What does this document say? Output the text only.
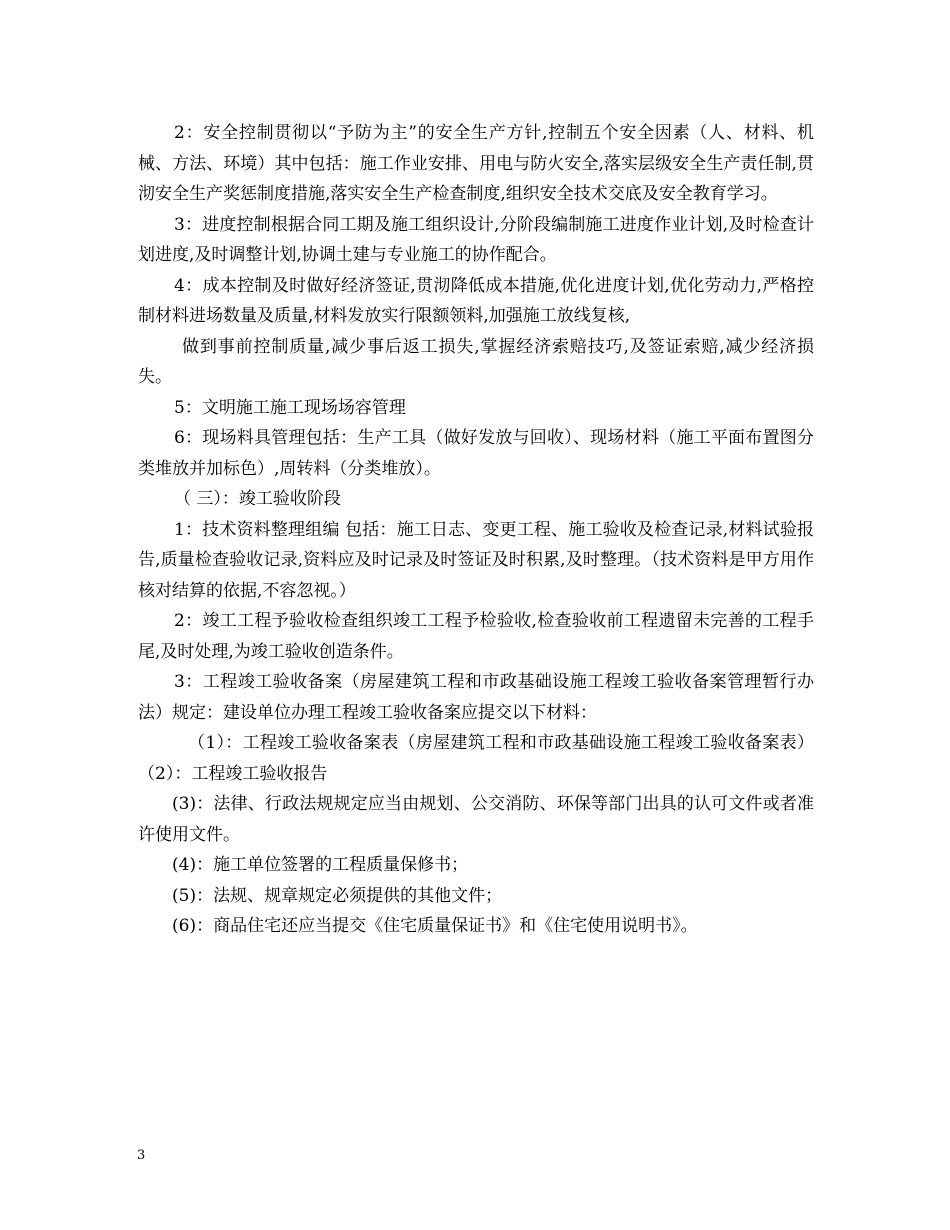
2：安全控制贯彻以“予防为主”的安全生产方针,控制五个安全因素（人、材料、机械、方法、环境）其中包括：施工作业安排、用电与防火安全,落实层级安全生产责任制,贯沏安全生产奖惩制度措施,落实安全生产检查制度,组织安全技术交底及安全教育学习。

3：进度控制根据合同工期及施工组织设计,分阶段编制施工进度作业计划,及时检查计划进度,及时调整计划,协调土建与专业施工的协作配合。

4：成本控制及时做好经济签证,贯沏降低成本措施,优化进度计划,优化劳动力,严格控制材料进场数量及质量,材料发放实行限额领料,加强施工放线复核,

做到事前控制质量,减少事后返工损失,掌握经济索赔技巧,及签证索赔,减少经济损失。

5：文明施工施工现场场容管理

6：现场料具管理包括：生产工具（做好发放与回收）、现场材料（施工平面布置图分类堆放并加标色）,周转料（分类堆放）。

（ 三）：竣工验收阶段

1：技术资料整理组编 包括：施工日志、变更工程、施工验收及检查记录,材料试验报告,质量检查验收记录,资料应及时记录及时签证及时积累,及时整理。（技术资料是甲方用作核对结算的依据,不容忽视。）

2：竣工工程予验收检查组织竣工工程予检验收,检查验收前工程遗留未完善的工程手尾,及时处理,为竣工验收创造条件。

3：工程竣工验收备案（房屋建筑工程和市政基础设施工程竣工验收备案管理暂行办法）规定：建设单位办理工程竣工验收备案应提交以下材料：

（1）：工程竣工验收备案表（房屋建筑工程和市政基础设施工程竣工验收备案表）（2）：工程竣工验收报告

(3)：法律、行政法规规定应当由规划、公交消防、环保等部门出具的认可文件或者准许使用文件。

(4)：施工单位签署的工程质量保修书；

(5)：法规、规章规定必须提供的其他文件；

(6)：商品住宅还应当提交《住宅质量保证书》和《住宅使用说明书》。

3
